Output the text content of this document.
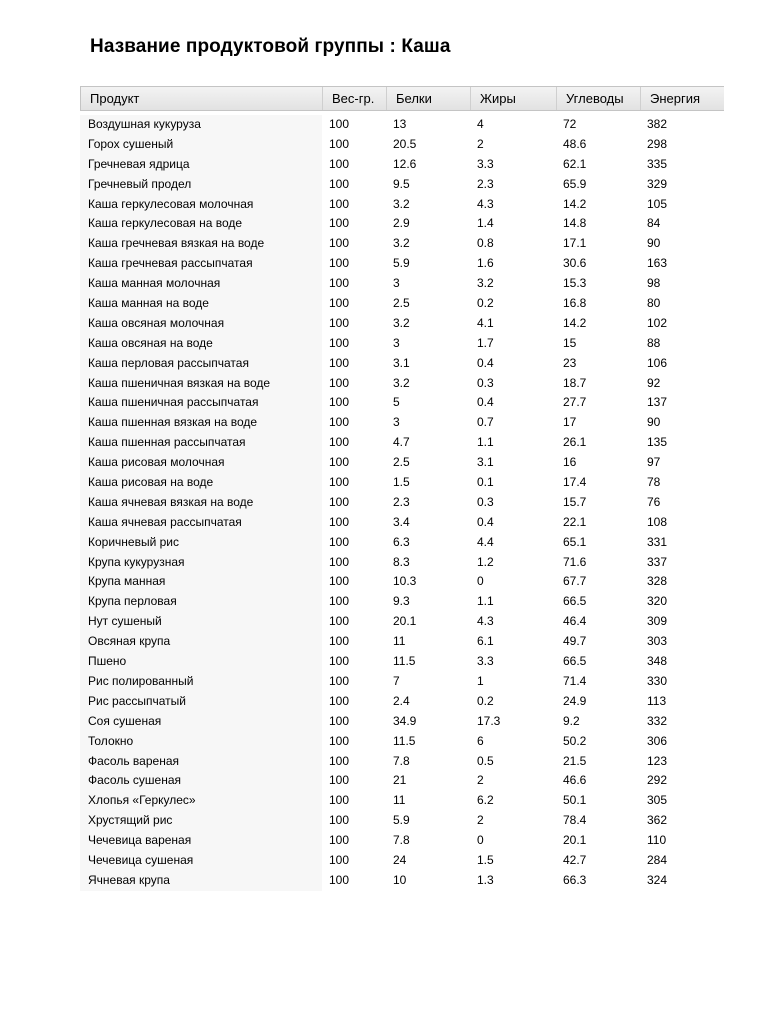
Название продуктовой группы : Каша
Продукт	Вес-гр.	Белки	Жиры	Углеводы	Энергия
Воздушная кукуруза	100	13	4	72	382
Горох сушеный	100	20.5	2	48.6	298
Гречневая ядрица	100	12.6	3.3	62.1	335
Гречневый продел	100	9.5	2.3	65.9	329
Каша геркулесовая молочная	100	3.2	4.3	14.2	105
Каша геркулесовая на воде	100	2.9	1.4	14.8	84
Каша гречневая вязкая на воде	100	3.2	0.8	17.1	90
Каша гречневая рассыпчатая	100	5.9	1.6	30.6	163
Каша манная молочная	100	3	3.2	15.3	98
Каша манная на воде	100	2.5	0.2	16.8	80
Каша овсяная молочная	100	3.2	4.1	14.2	102
Каша овсяная на воде	100	3	1.7	15	88
Каша перловая рассыпчатая	100	3.1	0.4	23	106
Каша пшеничная вязкая на воде	100	3.2	0.3	18.7	92
Каша пшеничная рассыпчатая	100	5	0.4	27.7	137
Каша пшенная вязкая на воде	100	3	0.7	17	90
Каша пшенная рассыпчатая	100	4.7	1.1	26.1	135
Каша рисовая молочная	100	2.5	3.1	16	97
Каша рисовая на воде	100	1.5	0.1	17.4	78
Каша ячневая вязкая на воде	100	2.3	0.3	15.7	76
Каша ячневая рассыпчатая	100	3.4	0.4	22.1	108
Коричневый рис	100	6.3	4.4	65.1	331
Крупа кукурузная	100	8.3	1.2	71.6	337
Крупа манная	100	10.3	0	67.7	328
Крупа перловая	100	9.3	1.1	66.5	320
Нут сушеный	100	20.1	4.3	46.4	309
Овсяная крупа	100	11	6.1	49.7	303
Пшено	100	11.5	3.3	66.5	348
Рис полированный	100	7	1	71.4	330
Рис рассыпчатый	100	2.4	0.2	24.9	113
Соя сушеная	100	34.9	17.3	9.2	332
Толокно	100	11.5	6	50.2	306
Фасоль вареная	100	7.8	0.5	21.5	123
Фасоль сушеная	100	21	2	46.6	292
Хлопья «Геркулес»	100	11	6.2	50.1	305
Хрустящий рис	100	5.9	2	78.4	362
Чечевица вареная	100	7.8	0	20.1	110
Чечевица сушеная	100	24	1.5	42.7	284
Ячневая крупа	100	10	1.3	66.3	324
